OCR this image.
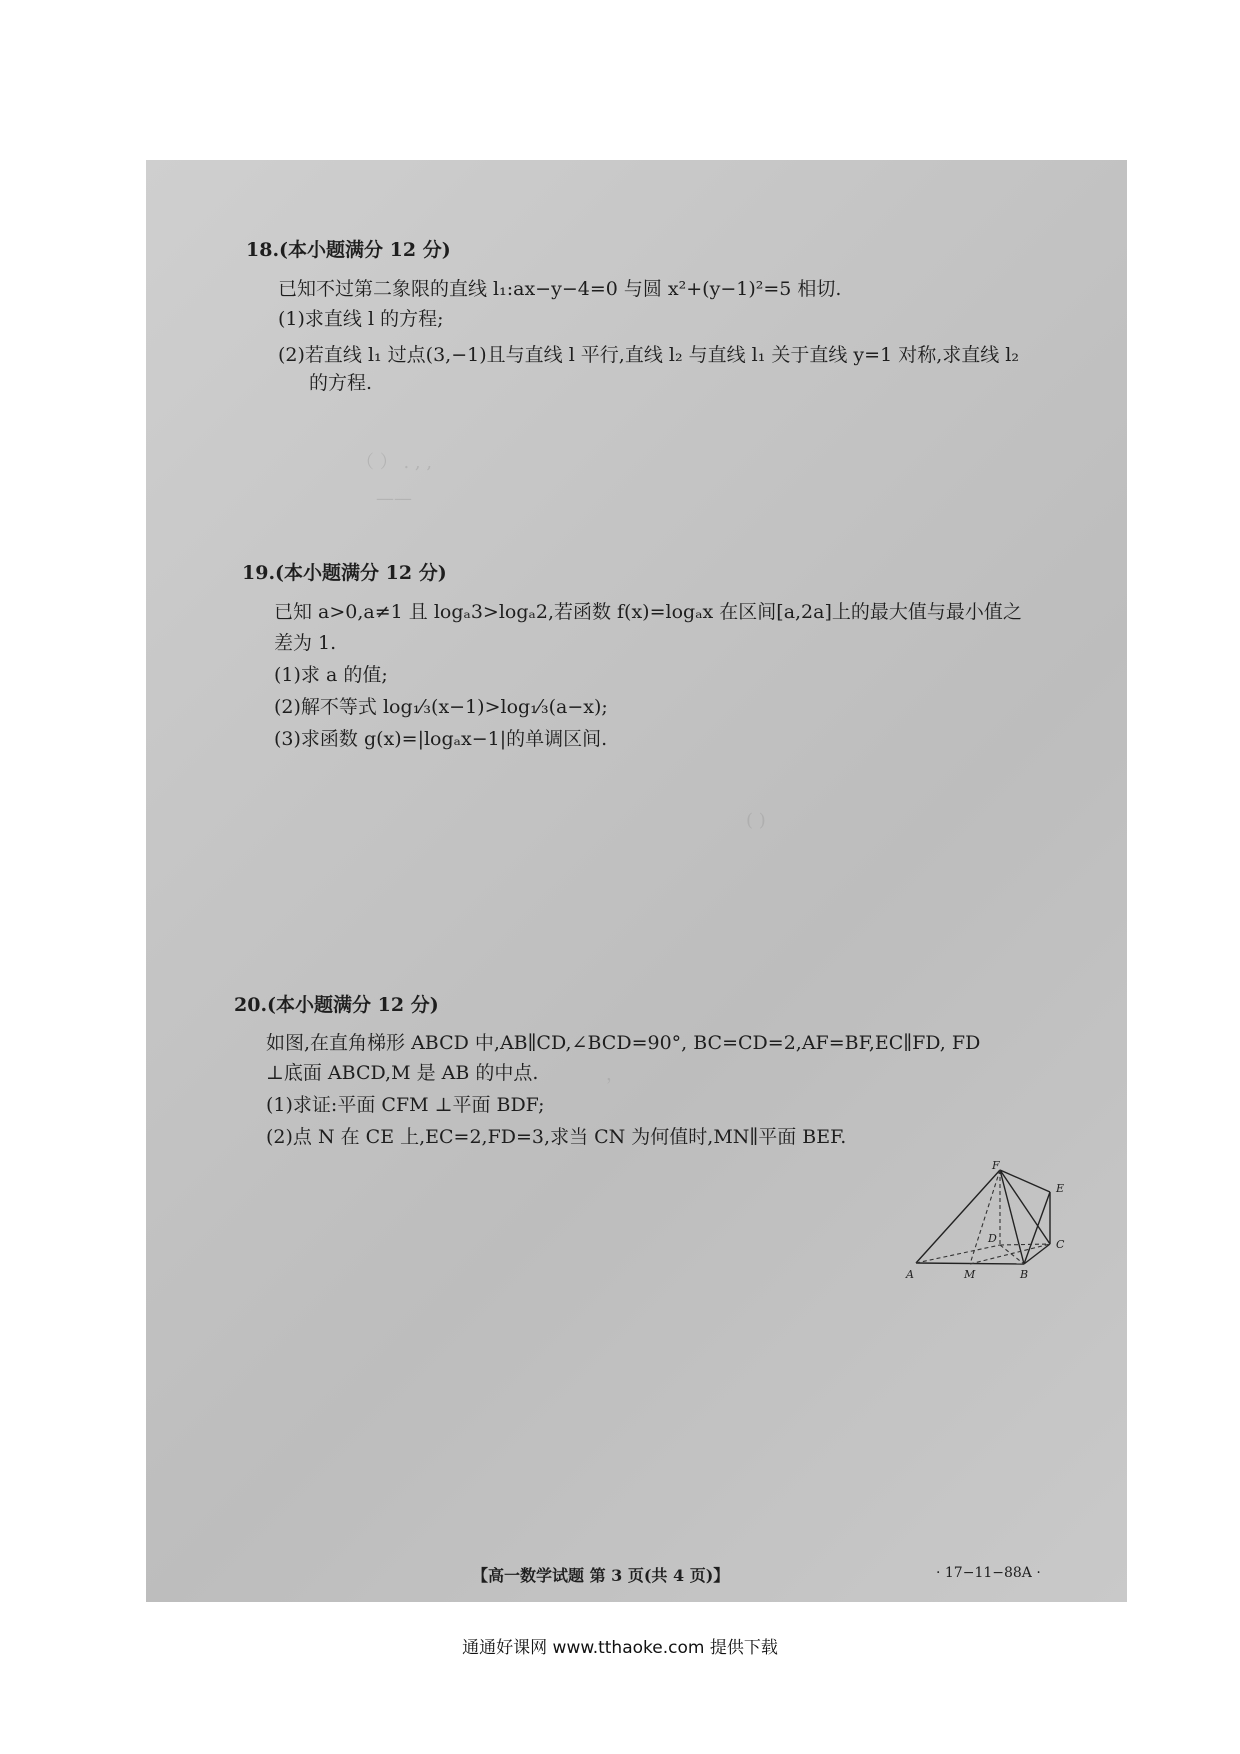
（ ） . , ,
——
( )
，
18.(本小题满分 12 分)
已知不过第二象限的直线 l₁:ax−y−4=0 与圆 x²+(y−1)²=5 相切.
(1)求直线 l 的方程;
(2)若直线 l₁ 过点(3,−1)且与直线 l 平行,直线 l₂ 与直线 l₁ 关于直线 y=1 对称,求直线 l₂
的方程.
19.(本小题满分 12 分)
已知 a>0,a≠1 且 logₐ3>logₐ2,若函数 f(x)=logₐx 在区间[a,2a]上的最大值与最小值之
差为 1.
(1)求 a 的值;
(2)解不等式 log₁⁄₃(x−1)>log₁⁄₃(a−x);
(3)求函数 g(x)=|logₐx−1|的单调区间.
20.(本小题满分 12 分)
如图,在直角梯形 ABCD 中,AB∥CD,∠BCD=90°, BC=CD=2,AF=BF,EC∥FD, FD
⊥底面 ABCD,M 是 AB 的中点.
(1)求证:平面 CFM ⊥平面 BDF;
(2)点 N 在 CE 上,EC=2,FD=3,求当 CN 为何值时,MN∥平面 BEF.
F
E
D	C
A	M	B
【高一数学试题 第 3 页(共 4 页)】	· 17−11−88A ·
通通好课网 www.tthaoke.com 提供下载
